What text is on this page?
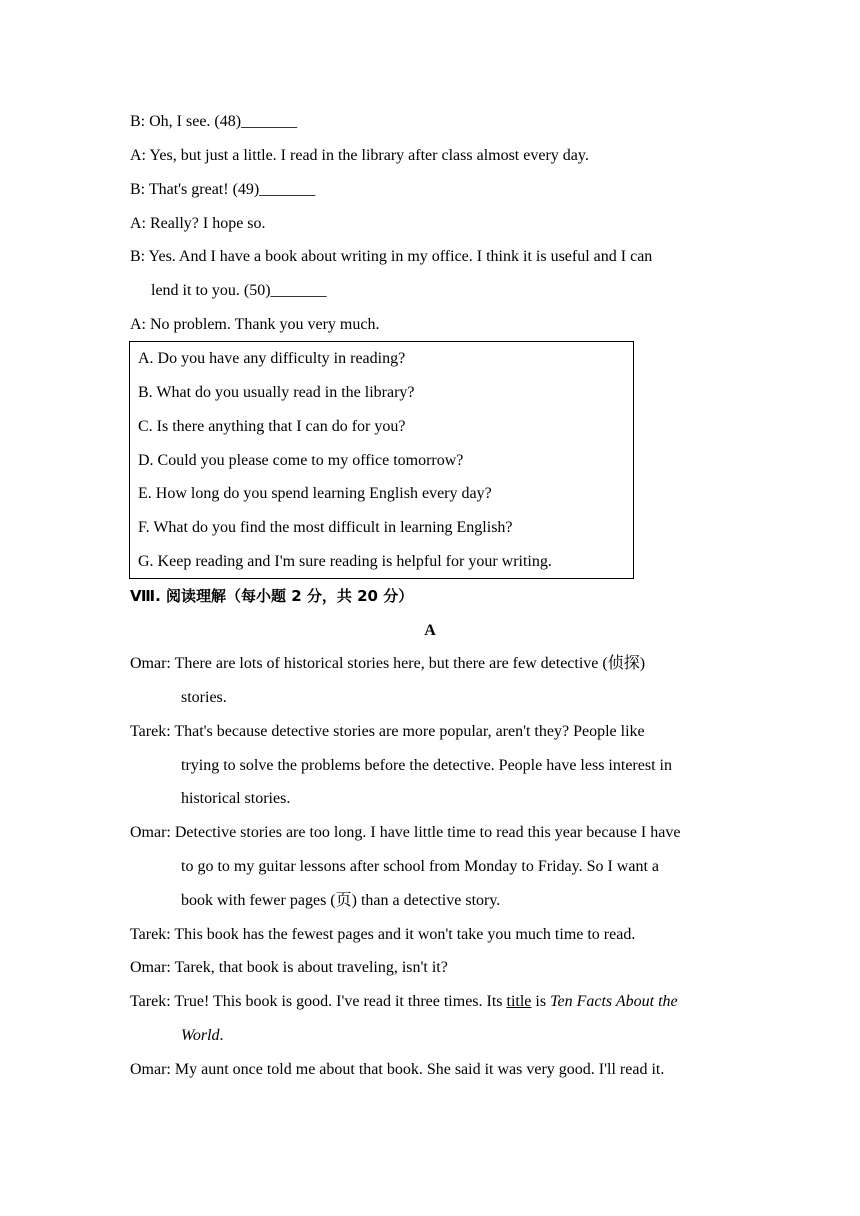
B: Oh, I see. (48)_______
A: Yes, but just a little. I read in the library after class almost every day.
B: That's great! (49)_______
A: Really? I hope so.
B: Yes. And I have a book about writing in my office. I think it is useful and I can
lend it to you. (50)_______
A: No problem. Thank you very much.
A. Do you have any difficulty in reading?
B. What do you usually read in the library?
C. Is there anything that I can do for you?
D. Could you please come to my office tomorrow?
E. How long do you spend learning English every day?
F. What do you find the most difficult in learning English?
G. Keep reading and I'm sure reading is helpful for your writing.
Ⅷ. 阅读理解（每小题 2 分，共 20 分）
A
Omar: There are lots of historical stories here, but there are few detective (侦探)
stories.
Tarek: That's because detective stories are more popular, aren't they? People like
trying to solve the problems before the detective. People have less interest in
historical stories.
Omar: Detective stories are too long. I have little time to read this year because I have
to go to my guitar lessons after school from Monday to Friday. So I want a
book with fewer pages (页) than a detective story.
Tarek: This book has the fewest pages and it won't take you much time to read.
Omar: Tarek, that book is about traveling, isn't it?
Tarek: True! This book is good. I've read it three times. Its title is Ten Facts About the
World.
Omar: My aunt once told me about that book. She said it was very good. I'll read it.
